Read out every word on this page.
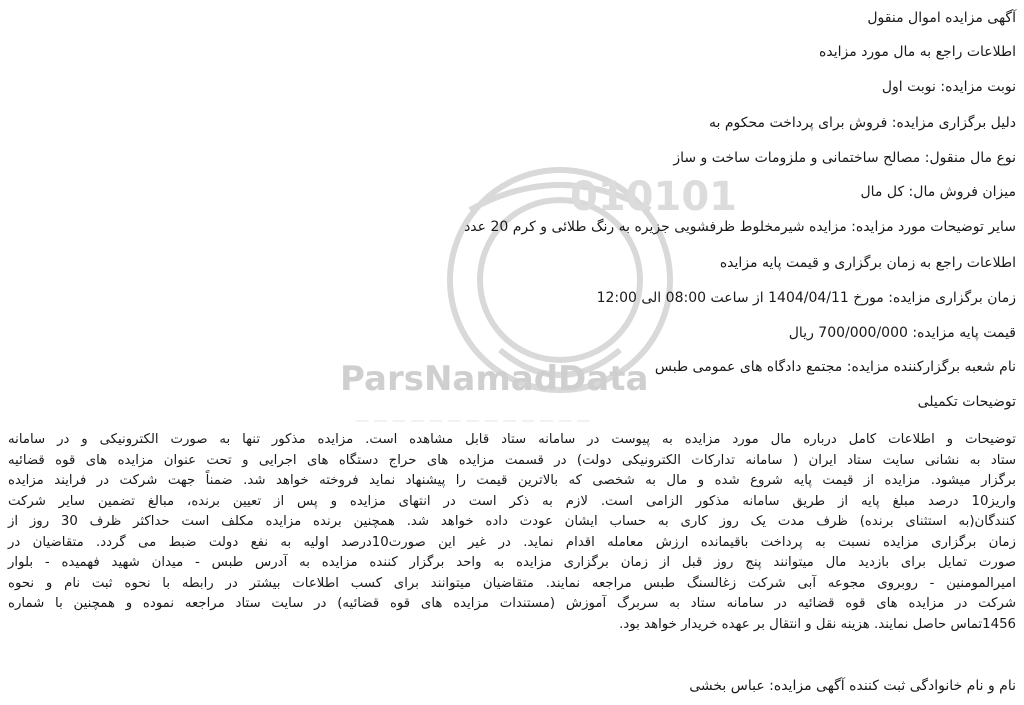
010101
ParsNamadData
— — — — — — — — — — — — —
آگهی مزایده اموال منقول
اطلاعات راجع به مال مورد مزایده
نوبت مزایده: نوبت اول
دلیل برگزاری مزایده: فروش برای پرداخت محکوم به
نوع مال منقول: مصالح ساختمانی و ملزومات ساخت و ساز
میزان فروش مال: کل مال
سایر توضیحات مورد مزایده: مزایده شیرمخلوط ظرفشویی جزیره به رنگ طلائی و کرم 20 عدد
اطلاعات راجع به زمان برگزاری و قیمت پایه مزایده
زمان برگزاری مزایده: مورخ 1404/04/11 از ساعت 08:00 الی 12:00
قیمت پایه مزایده: 700/000/000 ریال
نام شعبه برگزارکننده مزایده: مجتمع دادگاه های عمومی طبس
توضیحات تکمیلی
توضیحات و اطلاعات کامل درباره مال مورد مزایده به پیوست در سامانه ستاد قابل مشاهده است. مزایده مذکور تنها به صورت الکترونیکی و در سامانه
ستاد به نشانی سایت ستاد ایران ( سامانه تدارکات الکترونیکی دولت) در قسمت مزایده های حراج دستگاه های اجرایی و تحت عنوان مزایده های قوه قضائیه
برگزار میشود. مزایده از قیمت پایه شروع شده و مال به شخصی که بالاترین قیمت را پیشنهاد نماید فروخته خواهد شد. ضمناً جهت شرکت در فرایند مزایده
واریز10 درصد مبلغ پایه از طریق سامانه مذکور الزامی است. لازم به ذکر است در انتهای مزایده و پس از تعیین برنده، مبالغ تضمین سایر شرکت
کنندگان(به استثنای برنده) ظرف مدت یک روز کاری به حساب ایشان عودت داده خواهد شد. همچنین برنده مزایده مکلف است حداکثر ظرف 30 روز از
زمان برگزاری مزایده نسبت به پرداخت باقیمانده ارزش معامله اقدام نماید. در غیر این صورت10درصد اولیه به نفع دولت ضبط می گردد. متقاضیان در
صورت تمایل برای بازدید مال میتوانند پنج روز قبل از زمان برگزاری مزایده به واحد برگزار کننده مزایده به آدرس طبس - میدان شهید فهمیده - بلوار
امیرالمومنین - روبروی مجوعه آبی شرکت زغالسنگ طبس مراجعه نمایند. متقاضیان میتوانند برای کسب اطلاعات بیشتر در رابطه با نحوه ثبت نام و نحوه
شرکت در مزایده های قوه قضائیه در سامانه ستاد به سربرگ آموزش (مستندات مزایده های قوه قضائیه) در سایت ستاد مراجعه نموده و همچنین با شماره
1456تماس حاصل نمایند. هزینه نقل و انتقال بر عهده خریدار خواهد بود.
نام و نام خانوادگی ثبت کننده آگهی مزایده: عباس بخشی
